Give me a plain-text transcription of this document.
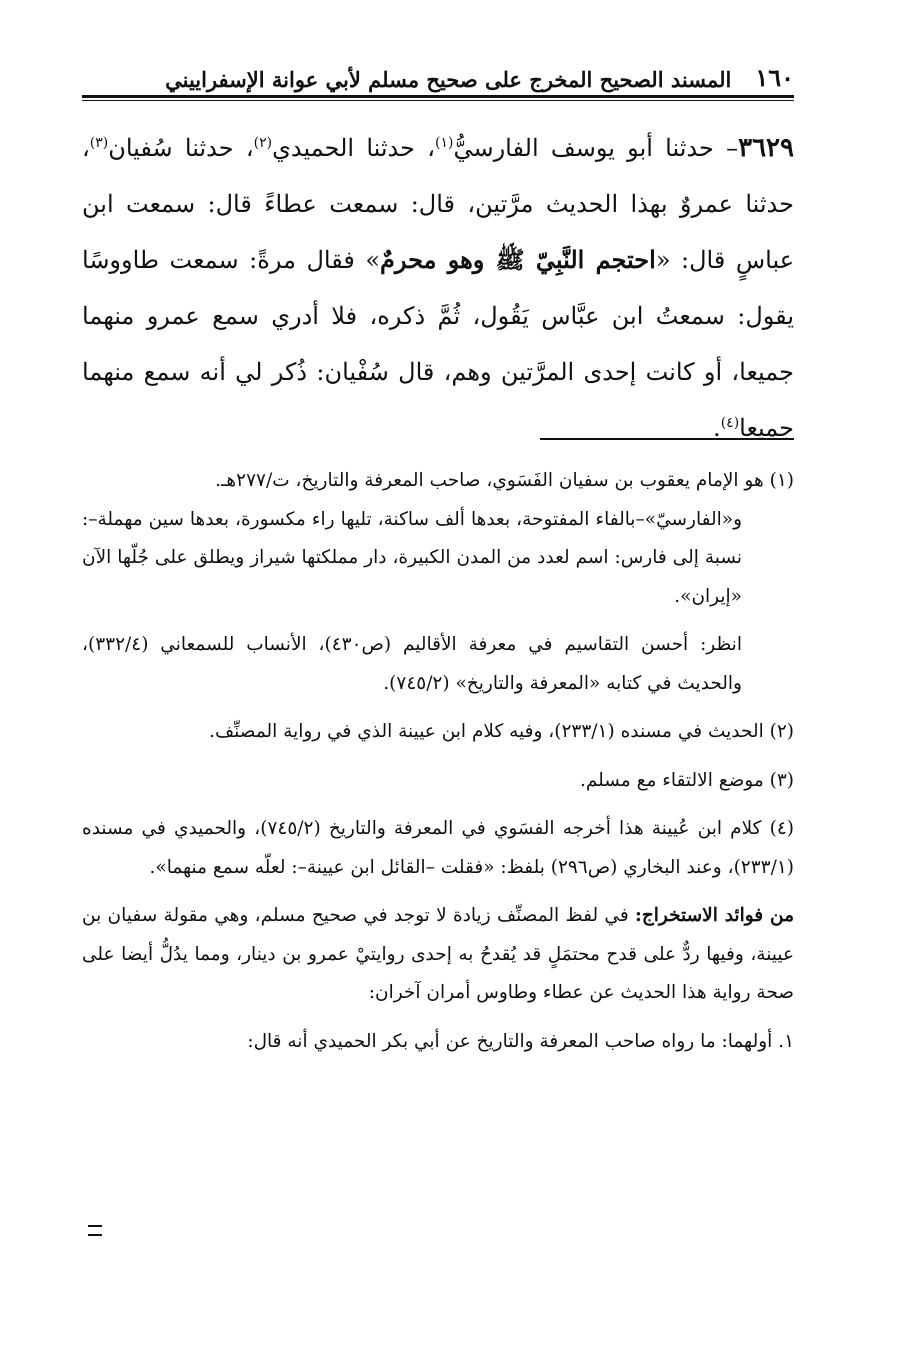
١٦٠
المسند الصحيح المخرج على صحيح مسلم لأبي عوانة الإسفراييني

٣٦٢٩– حدثنا أبو يوسف الفارسيُّ$^{(١)}$، حدثنا الحميدي$^{(٢)}$، حدثنا سُفيان$^{(٣)}$، حدثنا عمروٌ بهذا الحديث مرَّتين، قال: سمعت عطاءً قال: سمعت ابن عباسٍ قال: «احتجم النَّبِيّ ﷺ وهو محرمٌ» فقال مرةً: سمعت طاووسًا يقول: سمعتُ ابن عبَّاس يَقُول، ثُمَّ ذكره، فلا أدري سمع عمرو منهما جميعا، أو كانت إحدى المرَّتين وهم، قال سُفْيان: ذُكر لي أنه سمع منهما جميعا$^{(٤)}$.

(١) هو الإمام يعقوب بن سفيان الفَسَوي، صاحب المعرفة والتاريخ، ت/٢٧٧هـ.

و«الفارسيّ»–بالفاء المفتوحة، بعدها ألف ساكنة، تليها راء مكسورة، بعدها سين مهملة–: نسبة إلى فارس: اسم لعدد من المدن الكبيرة، دار مملكتها شيراز ويطلق على جُلّها الآن «إيران».

انظر: أحسن التقاسيم في معرفة الأقاليم (ص٤٣٠)، الأنساب للسمعاني (٣٣٢/٤)، والحديث في كتابه «المعرفة والتاريخ» (٧٤٥/٢).

(٢) الحديث في مسنده (٢٣٣/١)، وفيه كلام ابن عيينة الذي في رواية المصنِّف.

(٣) موضع الالتقاء مع مسلم.

(٤) كلام ابن عُيينة هذا أخرجه الفسَوي في المعرفة والتاريخ (٧٤٥/٢)، والحميدي في مسنده (٢٣٣/١)، وعند البخاري (ص٢٩٦) بلفظ: «فقلت –القائل ابن عيينة–: لعلّه سمع منهما».

من فوائد الاستخراج: في لفظ المصنِّف زيادة لا توجد في صحيح مسلم، وهي مقولة سفيان بن عيينة، وفيها ردٌّ على قدح محتمَلٍ قد يُقدحُ به إحدى روايتيْ عمرو بن دينار، ومما يدُلُّ أيضا على صحة رواية هذا الحديث عن عطاء وطاوس أمران آخران:

١. أولهما: ما رواه صاحب المعرفة والتاريخ عن أبي بكر الحميدي أنه قال:
